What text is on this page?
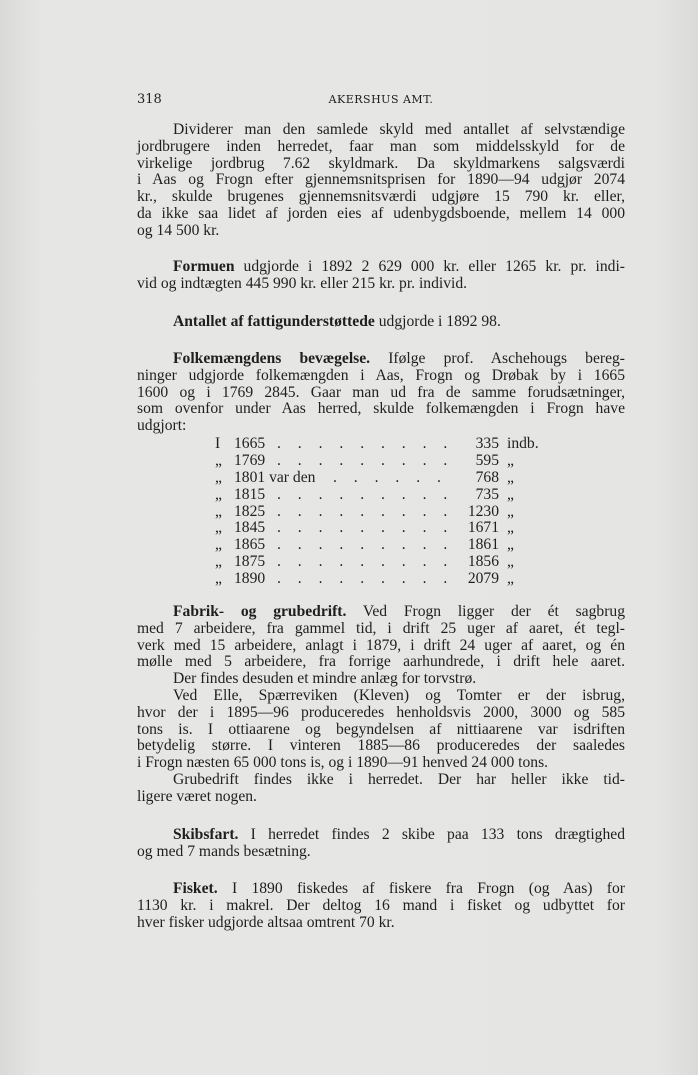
318	AKERSHUS AMT.
Dividerer man den samlede skyld med antallet af selvstændige
jordbrugere inden herredet, faar man som middelsskyld for de
virkelige jordbrug 7.62 skyldmark. Da skyldmarkens salgsværdi
i Aas og Frogn efter gjennemsnitsprisen for 1890—94 udgjør 2074
kr., skulde brugenes gjennemsnitsværdi udgjøre 15 790 kr. eller,
da ikke saa lidet af jorden eies af udenbygdsboende, mellem 14 000
og 14 500 kr.
Formuen udgjorde i 1892 2 629 000 kr. eller 1265 kr. pr. indi-
vid og indtægten 445 990 kr. eller 215 kr. pr. individ.
Antallet af fattigunderstøttede udgjorde i 1892 98.
Folkemængdens bevægelse. Ifølge prof. Aschehougs bereg-
ninger udgjorde folkemængden i Aas, Frogn og Drøbak by i 1665
1600 og i 1769 2845. Gaar man ud fra de samme forudsætninger,
som ovenfor under Aas herred, skulde folkemængden i Frogn have
udgjort:
I 1665 . . . . . . . . . 335 indb.
„ 1769 . . . . . . . . . 595 „
„ 1801 var den . . . . . . 768 „
„ 1815 . . . . . . . . . 735 „
„ 1825 . . . . . . . . . 1230 „
„ 1845 . . . . . . . . . 1671 „
„ 1865 . . . . . . . . . 1861 „
„ 1875 . . . . . . . . . 1856 „
„ 1890 . . . . . . . . . 2079 „
Fabrik- og grubedrift. Ved Frogn ligger der ét sagbrug
med 7 arbeidere, fra gammel tid, i drift 25 uger af aaret, ét tegl-
verk med 15 arbeidere, anlagt i 1879, i drift 24 uger af aaret, og én
mølle med 5 arbeidere, fra forrige aarhundrede, i drift hele aaret.
Der findes desuden et mindre anlæg for torvstrø.
Ved Elle, Spærreviken (Kleven) og Tomter er der isbrug,
hvor der i 1895—96 produceredes henholdsvis 2000, 3000 og 585
tons is. I ottiaarene og begyndelsen af nittiaarene var isdriften
betydelig større. I vinteren 1885—86 produceredes der saaledes
i Frogn næsten 65 000 tons is, og i 1890—91 henved 24 000 tons.
Grubedrift findes ikke i herredet. Der har heller ikke tid-
ligere været nogen.
Skibsfart. I herredet findes 2 skibe paa 133 tons drægtighed
og med 7 mands besætning.
Fisket. I 1890 fiskedes af fiskere fra Frogn (og Aas) for
1130 kr. i makrel. Der deltog 16 mand i fisket og udbyttet for
hver fisker udgjorde altsaa omtrent 70 kr.
